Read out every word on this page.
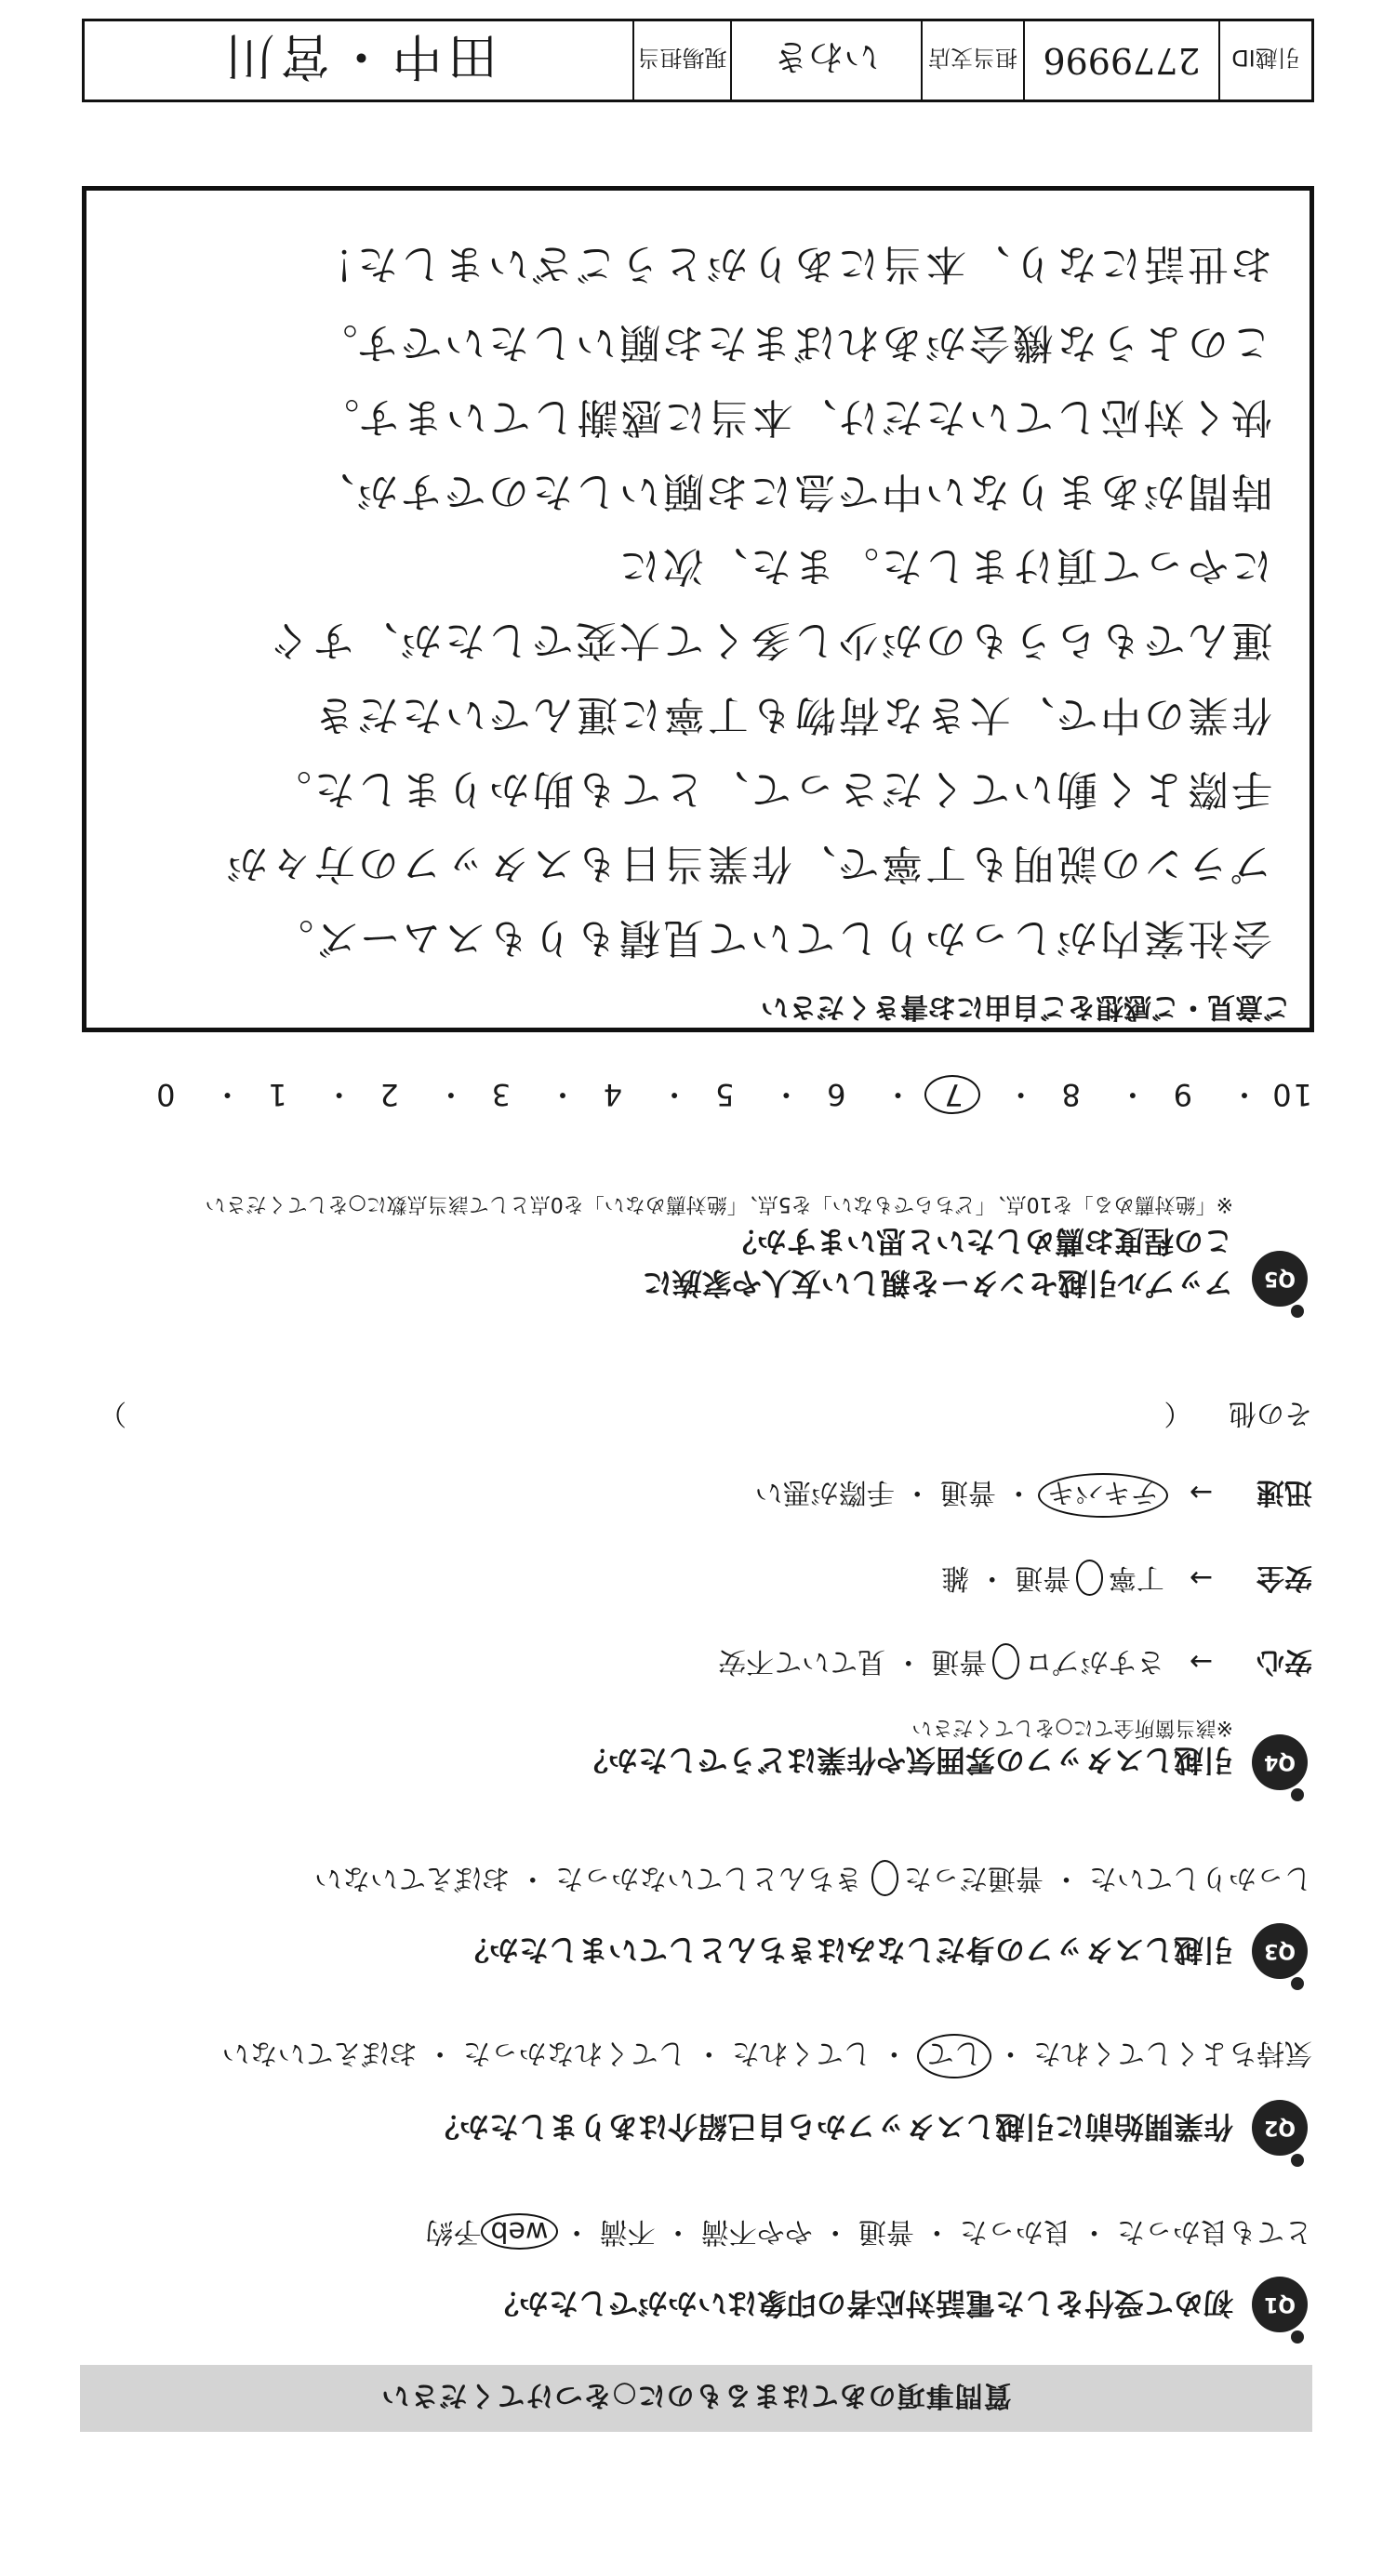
質問事項のあてはまるものに○をつけてください
Q1
初めて受付をした電話対応者の印象はいかがでしたか？
とても良かった ・ 良かった ・ 普通 ・ やや不満 ・ 不満 ・ web予約
Q2
作業開始前に引越しスタッフから自己紹介はありましたか？
気持ちよくしてくれた ・ して ・ してくれた ・ してくれなかった ・ おぼえていない
Q3
引越しスタッフの身だしなみはきちんとしていましたか？
しっかりしていた ・ 普通だった   きちんとしていなかった ・ おぼえていない
Q4
引越しスタッフの雰囲気や作業はどうでしたか？
※該当箇所全てに○をしてください
安心 → さすがプロ   普通 ・ 見ていて不安
安全 → 丁寧   普通 ・ 雑
迅速 → テキパキ ・ 普通 ・ 手際が悪い
その他 （
）
Q5
アップル引越センターを親しい友人や家族に
この程度お薦めしたいと思いますか？
※「絶対薦める」を10点、「どちらでもない」を5点、「絶対薦めない」を0点として該当点数に○をしてください
10・ 9・ 8・ 7・ 6・ 5・ 4・ 3・ 2・ 1・ 0
ご意見・ご感想をご自由にお書きください
会社案内がしっかりしていて見積もりもスムーズ。
プランの説明も丁寧で、作業当日もスタッフの方々が
手際よく動いてくださって、とても助かりました。
作業の中で、大きな荷物も丁寧に運んでいただき
運んでもらうものが少し多くて大変でしたが、すぐ
にやって頂けました。また、次に
時間があまりない中で急にお願いしたのですが、
快く対応していただけ、本当に感謝しています。
このような機会があればまたお願いしたいです。
お世話になり、本当にありがとうございました！
引越ID
2779996
担当支店
いわき
現場担当
田中・宮川
